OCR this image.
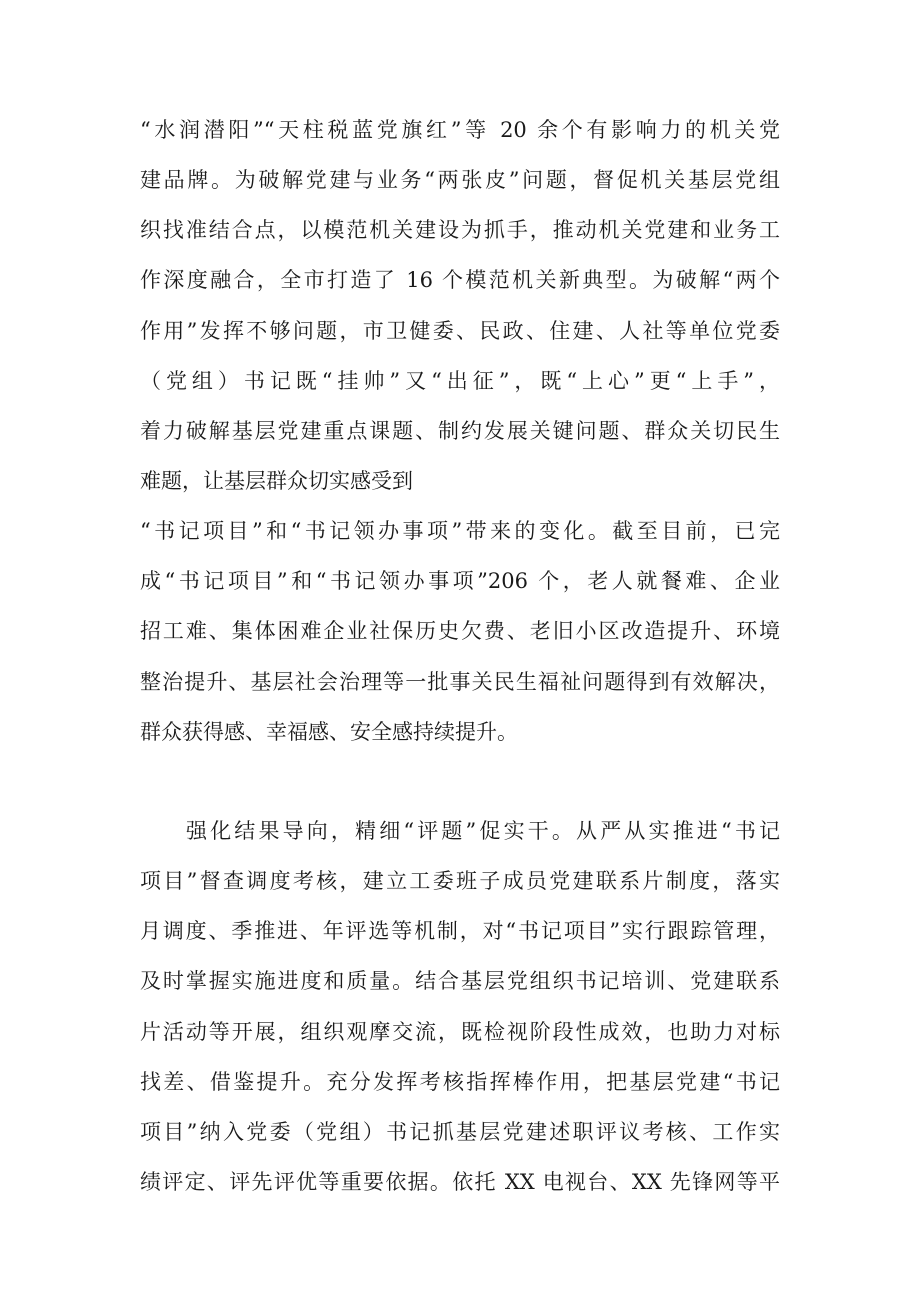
“水润潜阳”“天柱税蓝党旗红”等 20 余个有影响力的机关党
建品牌。为破解党建与业务“两张皮”问题，督促机关基层党组
织找准结合点，以模范机关建设为抓手，推动机关党建和业务工
作深度融合，全市打造了 16 个模范机关新典型。为破解“两个
作用”发挥不够问题，市卫健委、民政、住建、人社等单位党委
（党组）书记既“挂帅”又“出征”，既“上心”更“上手”，
着力破解基层党建重点课题、制约发展关键问题、群众关切民生
难题，让基层群众切实感受到
“书记项目”和“书记领办事项”带来的变化。截至目前，已完
成“书记项目”和“书记领办事项”206 个，老人就餐难、企业
招工难、集体困难企业社保历史欠费、老旧小区改造提升、环境
整治提升、基层社会治理等一批事关民生福祉问题得到有效解决，
群众获得感、幸福感、安全感持续提升。
强化结果导向，精细“评题”促实干。从严从实推进“书记
项目”督查调度考核，建立工委班子成员党建联系片制度，落实
月调度、季推进、年评选等机制，对“书记项目”实行跟踪管理，
及时掌握实施进度和质量。结合基层党组织书记培训、党建联系
片活动等开展，组织观摩交流，既检视阶段性成效，也助力对标
找差、借鉴提升。充分发挥考核指挥棒作用，把基层党建“书记
项目”纳入党委（党组）书记抓基层党建述职评议考核、工作实
绩评定、评先评优等重要依据。依托 XX 电视台、XX 先锋网等平
